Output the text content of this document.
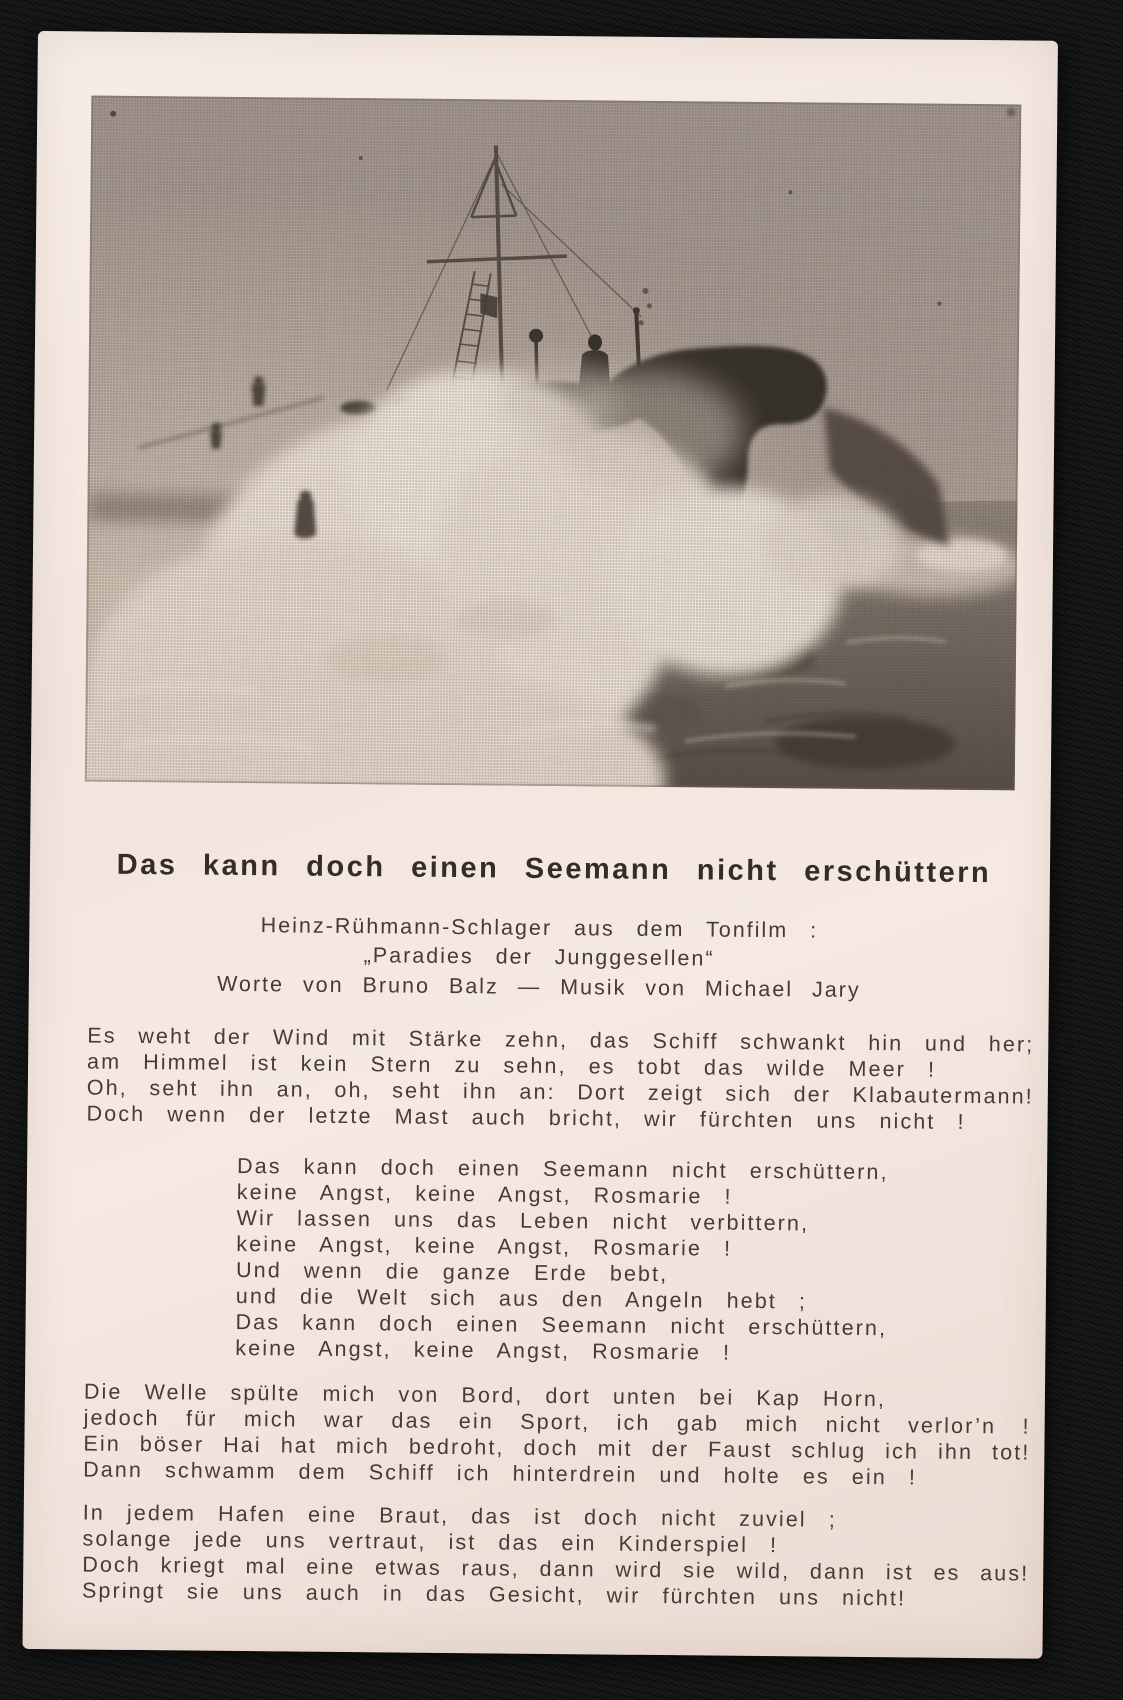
Das kann doch einen Seemann nicht erschüttern
Heinz-Rühmann-Schlager aus dem Tonfilm :
„Paradies der Junggesellen“
Worte von Bruno Balz — Musik von Michael Jary
Es weht der Wind mit Stärke zehn, das Schiff schwankt hin und her;
am Himmel ist kein Stern zu sehn, es tobt das wilde Meer !
Oh, seht ihn an, oh, seht ihn an: Dort zeigt sich der Klabautermann!
Doch wenn der letzte Mast auch bricht, wir fürchten uns nicht !
Das kann doch einen Seemann nicht erschüttern,
keine Angst, keine Angst, Rosmarie !
Wir lassen uns das Leben nicht verbittern,
keine Angst, keine Angst, Rosmarie !
Und wenn die ganze Erde bebt,
und die Welt sich aus den Angeln hebt ;
Das kann doch einen Seemann nicht erschüttern,
keine Angst, keine Angst, Rosmarie !
Die Welle spülte mich von Bord, dort unten bei Kap Horn,
jedoch für mich war das ein Sport, ich gab mich nicht verlor’n !
Ein böser Hai hat mich bedroht, doch mit der Faust schlug ich ihn tot!
Dann schwamm dem Schiff ich hinterdrein und holte es ein !
In jedem Hafen eine Braut, das ist doch nicht zuviel ;
solange jede uns vertraut, ist das ein Kinderspiel !
Doch kriegt mal eine etwas raus, dann wird sie wild, dann ist es aus!
Springt sie uns auch in das Gesicht, wir fürchten uns nicht!
